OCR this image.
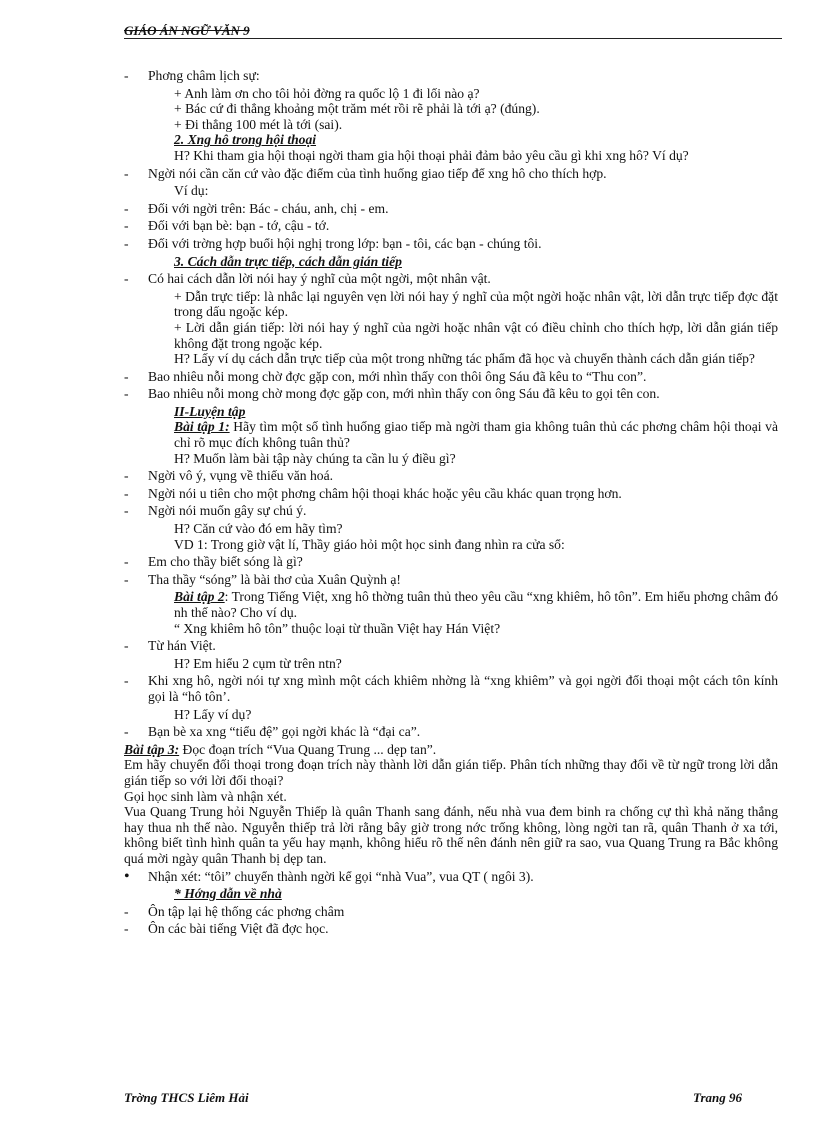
GIÁO ÁN NGỮ VĂN 9
- Phơng châm lịch sự:
+ Anh làm ơn cho tôi hỏi đờng ra quốc lộ 1 đi lối nào ạ?
+ Bác cứ đi thẳng khoảng một trăm mét rồi rẽ phải là tới ạ? (đúng).
+ Đi thẳng 100 mét là tới (sai).
2. Xng hô trong hội thoại
H? Khi tham gia hội thoại ngời tham gia hội thoại phải đảm bảo yêu cầu gì khi xng hô? Ví dụ?
- Ngời nói cần căn cứ vào đặc điểm của tình huống giao tiếp để xng hô cho thích hợp.
Ví dụ:
- Đối với ngời trên: Bác - cháu, anh, chị - em.
- Đối với bạn bè: bạn - tớ, cậu - tớ.
- Đối với trờng hợp buổi hội nghị trong lớp: bạn - tôi, các bạn - chúng tôi.
3. Cách dẫn trực tiếp, cách dẫn gián tiếp
- Có hai cách dẫn lời nói hay ý nghĩ của một ngời, một nhân vật.
+ Dẫn trực tiếp: là nhắc lại nguyên vẹn lời nói hay ý nghĩ của một ngời hoặc nhân vật, lời dẫn trực tiếp đợc đặt trong dấu ngoặc kép.
+ Lời dẫn gián tiếp: lời nói hay ý nghĩ của ngời hoặc nhân vật có điều chỉnh cho thích hợp, lời dẫn gián tiếp không đặt trong ngoặc kép.
H? Lấy ví dụ cách dẫn trực tiếp của một trong những tác phẩm đã học và chuyển thành cách dẫn gián tiếp?
- Bao nhiêu nỗi mong chờ đợc gặp con, mới nhìn thấy con thôi ông Sáu đã kêu to “Thu con”.
- Bao nhiêu nỗi mong chờ mong đợc gặp con, mới nhìn thấy con ông Sáu đã kêu to gọi tên con.
II-Luyện tập
Bài tập 1: Hãy tìm một số tình huống giao tiếp mà ngời tham gia không tuân thủ các phơng châm hội thoại và chỉ rõ mục đích không tuân thủ?
H? Muốn làm bài tập này chúng ta cần lu ý điều gì?
- Ngời vô ý, vụng về thiếu văn hoá.
- Ngời nói u tiên cho một phơng châm hội thoại khác hoặc yêu cầu khác quan trọng hơn.
- Ngời nói muốn gây sự chú ý.
H? Căn cứ vào đó em hãy tìm?
VD 1: Trong giờ vật lí, Thầy giáo hỏi một học sinh đang nhìn ra cửa sổ:
- Em cho thầy biết sóng là gì?
- Tha thầy “sóng” là bài thơ của Xuân Quỳnh ạ!
Bài tập 2: Trong Tiếng Việt, xng hô thờng tuân thủ theo yêu cầu “xng khiêm, hô tôn”. Em hiểu phơng châm đó nh thế nào? Cho ví dụ.
“ Xng khiêm hô tôn” thuộc loại từ thuần Việt hay Hán Việt?
- Từ hán Việt.
H? Em hiểu 2 cụm từ trên ntn?
- Khi xng hô, ngời nói tự xng mình một cách khiêm nhờng là “xng khiêm” và gọi ngời đối thoại một cách tôn kính gọi là “hô tôn’.
H? Lấy ví dụ?
- Bạn bè xa xng “tiểu đệ” gọi ngời khác là “đại ca”.
Bài tập 3: Đọc đoạn trích “Vua Quang Trung ... dẹp tan”.
Em hãy chuyển đối thoại trong đoạn trích này thành lời dẫn gián tiếp. Phân tích những thay đổi về từ ngữ trong lời dẫn gián tiếp so với lời đối thoại?
Gọi học sinh làm và nhận xét.
Vua Quang Trung hỏi Nguyễn Thiếp là quân Thanh sang đánh, nếu nhà vua đem binh ra chống cự thì khả năng thắng hay thua nh thế nào. Nguyễn thiếp trả lời rằng bây giờ trong nớc trống không, lòng ngời tan rã, quân Thanh ở xa tới, không biết tình hình quân ta yếu hay mạnh, không hiểu rõ thế nên đánh nên giữ ra sao, vua Quang Trung ra Bắc không quá mời ngày quân Thanh bị dẹp tan.
• Nhận xét: “tôi” chuyển thành ngời kể gọi “nhà Vua”, vua QT ( ngôi 3).
* Hớng dẫn về nhà
- Ôn tập lại hệ thống các phơng châm
- Ôn các bài tiếng Việt đã đợc học.
Trờng THCS Liêm Hải	Trang 96
